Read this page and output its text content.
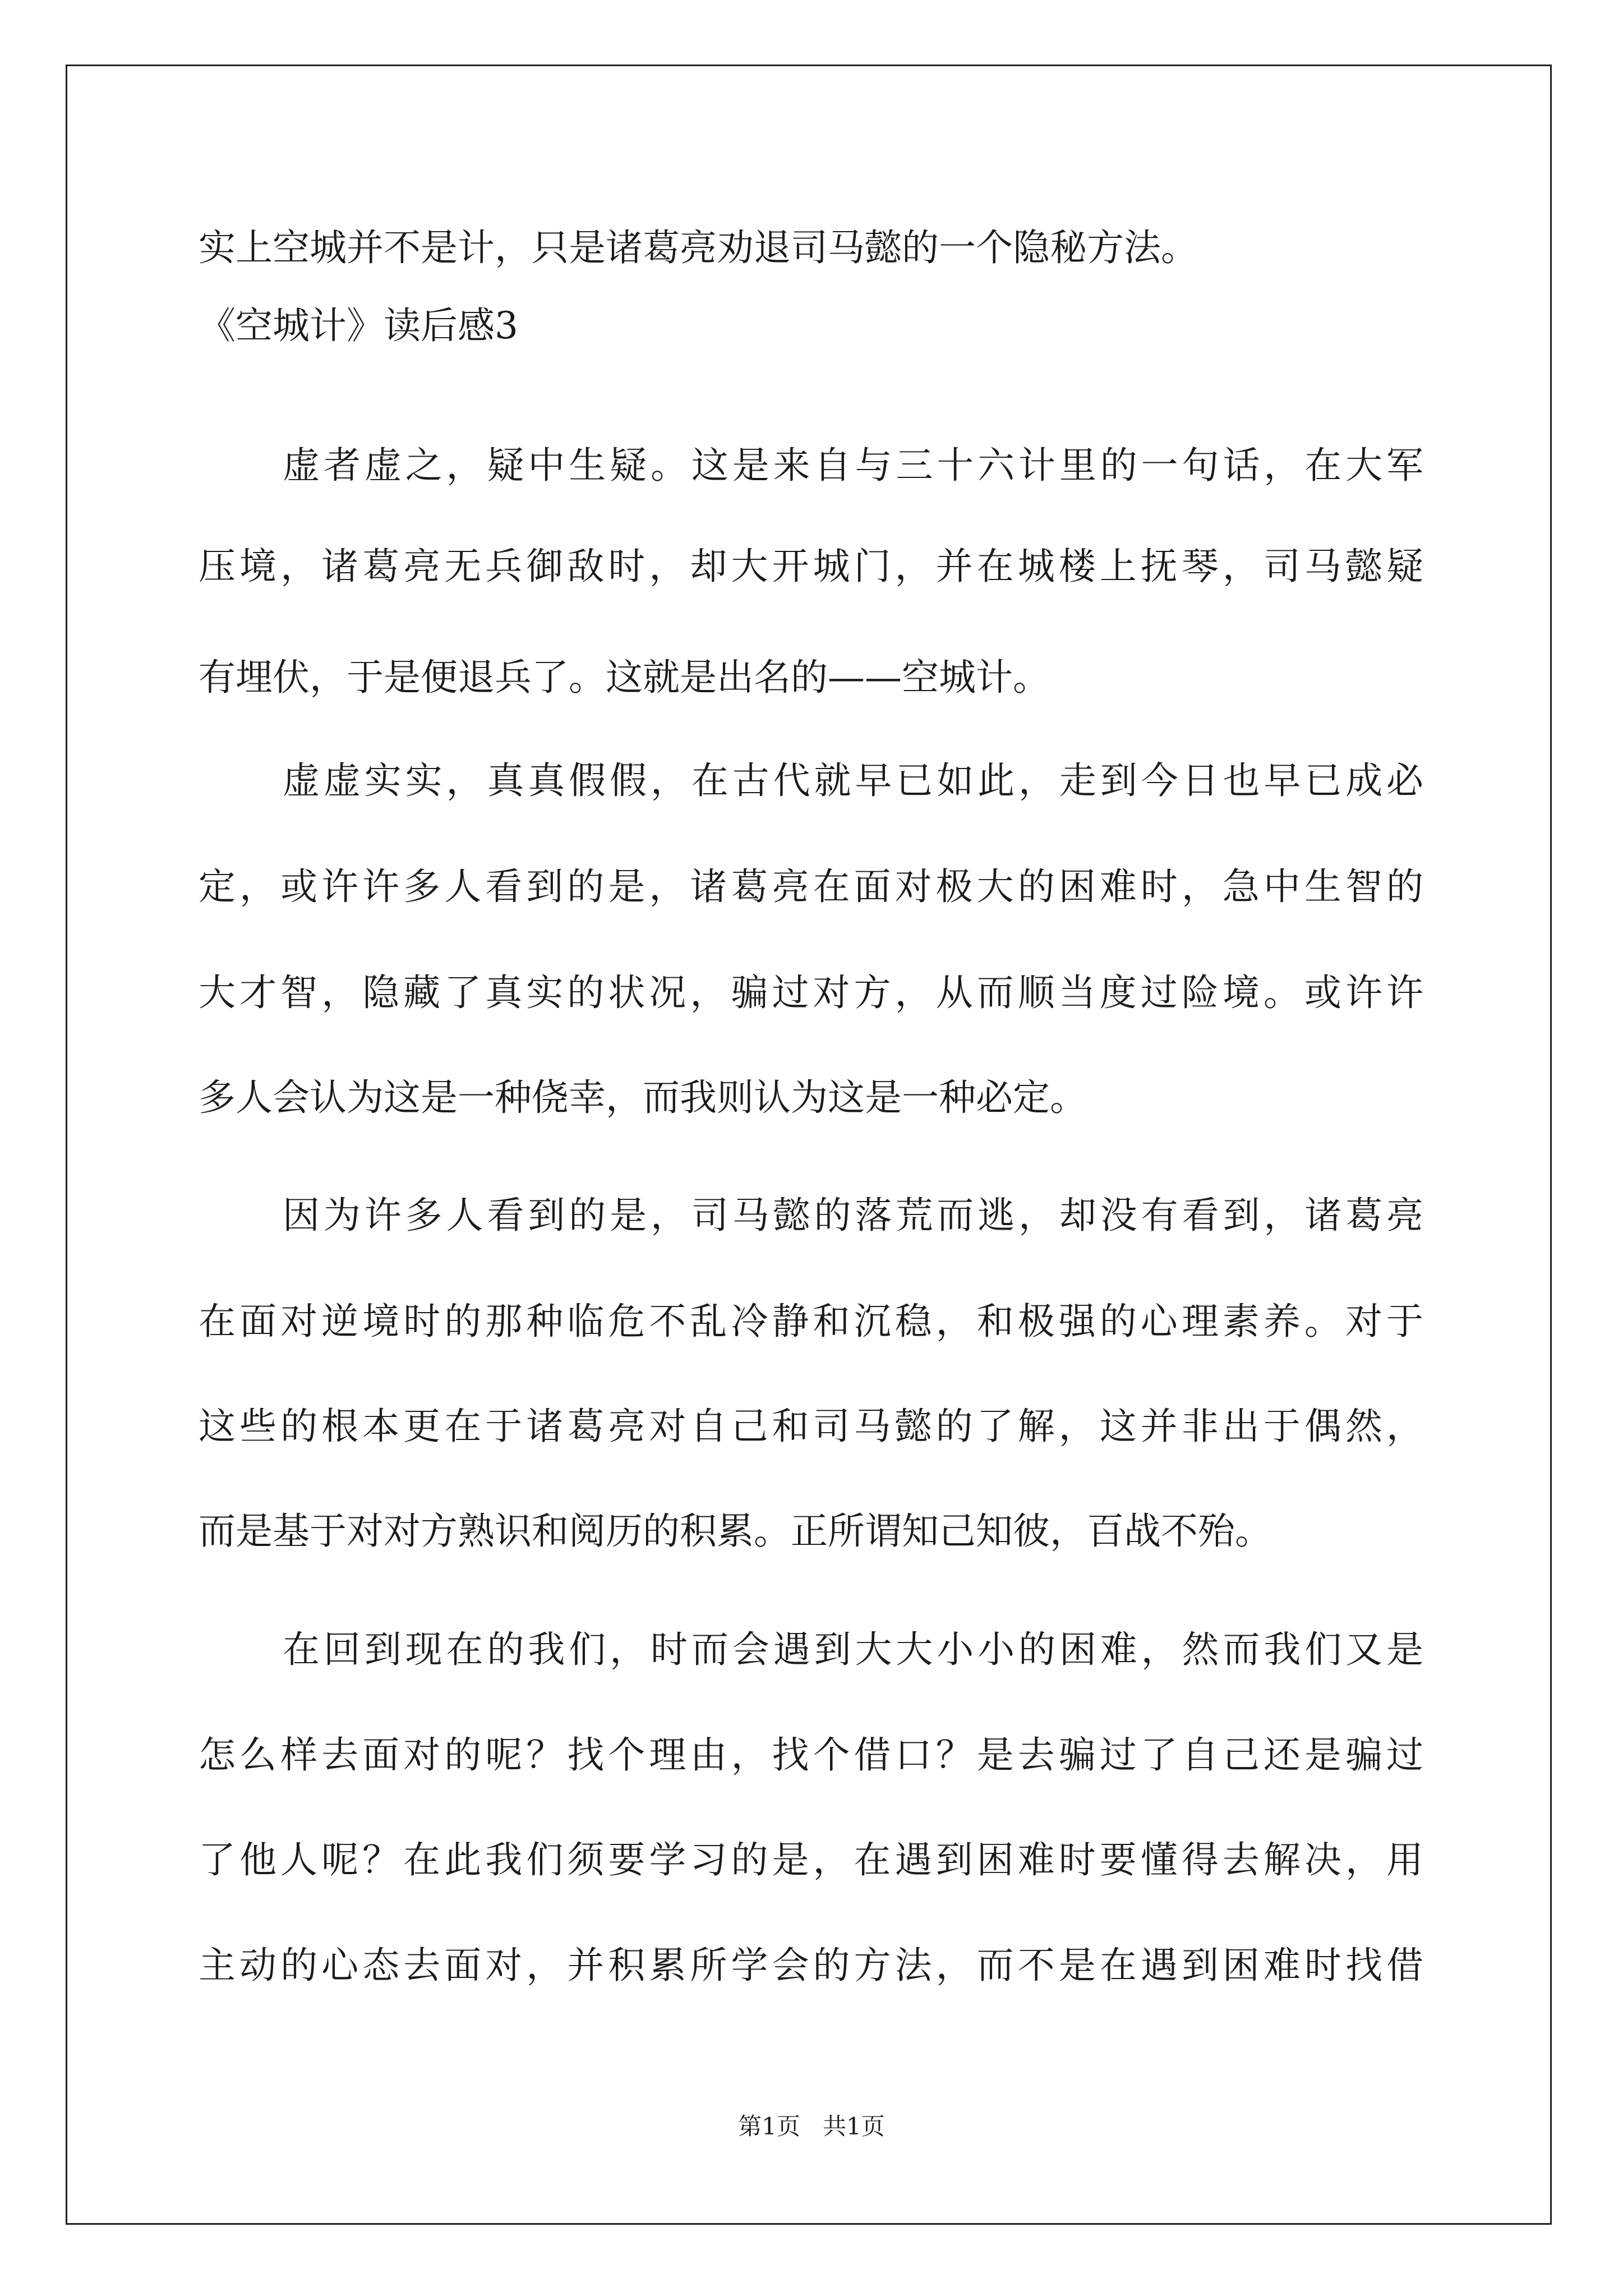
实上空城并不是计，只是诸葛亮劝退司马懿的一个隐秘方法。
《空城计》读后感3
虚者虚之，疑中生疑。这是来自与三十六计里的一句话，在大军
压境，诸葛亮无兵御敌时，却大开城门，并在城楼上抚琴，司马懿疑
有埋伏，于是便退兵了。这就是出名的——空城计。
虚虚实实，真真假假，在古代就早已如此，走到今日也早已成必
定，或许许多人看到的是，诸葛亮在面对极大的困难时，急中生智的
大才智，隐藏了真实的状况，骗过对方，从而顺当度过险境。或许许
多人会认为这是一种侥幸，而我则认为这是一种必定。
因为许多人看到的是，司马懿的落荒而逃，却没有看到，诸葛亮
在面对逆境时的那种临危不乱冷静和沉稳，和极强的心理素养。对于
这些的根本更在于诸葛亮对自己和司马懿的了解，这并非出于偶然，
而是基于对对方熟识和阅历的积累。正所谓知己知彼，百战不殆。
在回到现在的我们，时而会遇到大大小小的困难，然而我们又是
怎么样去面对的呢？找个理由，找个借口？是去骗过了自己还是骗过
了他人呢？在此我们须要学习的是，在遇到困难时要懂得去解决，用
主动的心态去面对，并积累所学会的方法，而不是在遇到困难时找借
第1页   共1页
